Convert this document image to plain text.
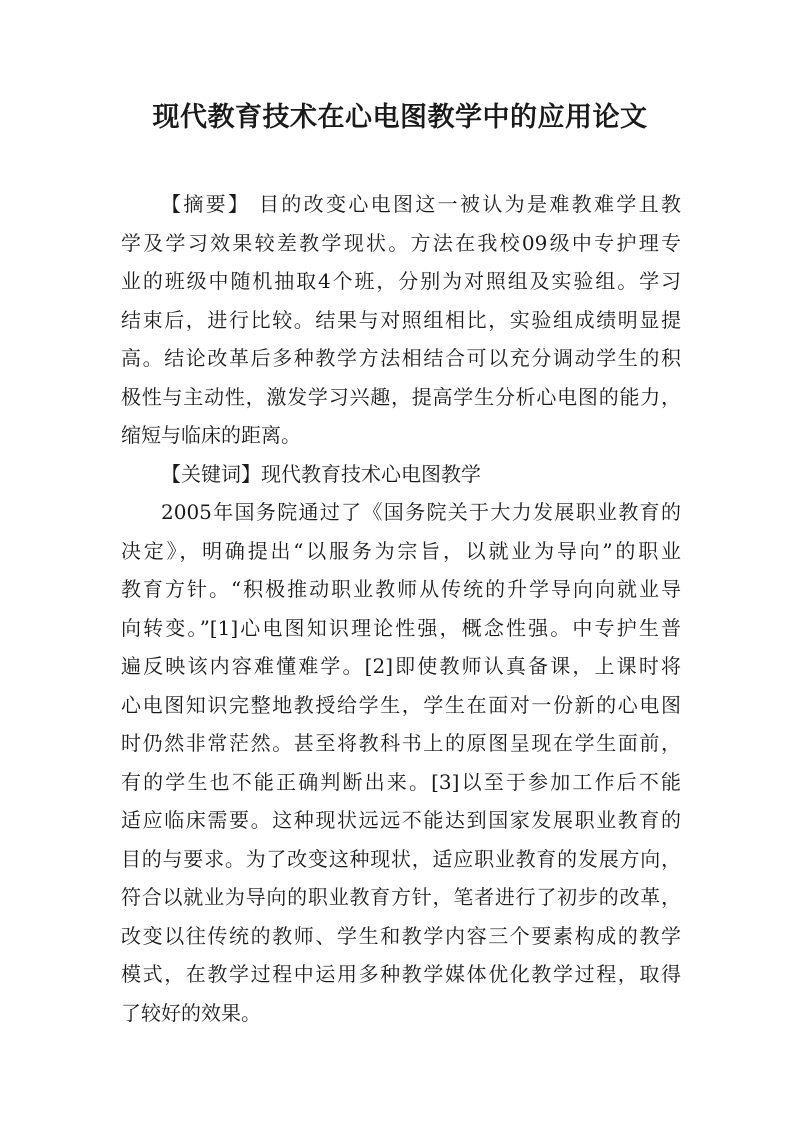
现代教育技术在心电图教学中的应用论文
【摘要】 目的改变心电图这一被认为是难教难学且教
学及学习效果较差教学现状。方法在我校09级中专护理专
业的班级中随机抽取4个班，分别为对照组及实验组。学习
结束后，进行比较。结果与对照组相比，实验组成绩明显提
高。结论改革后多种教学方法相结合可以充分调动学生的积
极性与主动性，激发学习兴趣，提高学生分析心电图的能力，
缩短与临床的距离。
【关键词】现代教育技术心电图教学
2005年国务院通过了《国务院关于大力发展职业教育的
决定》，明确提出“以服务为宗旨，以就业为导向”的职业
教育方针。“积极推动职业教师从传统的升学导向向就业导
向转变。”[1]心电图知识理论性强，概念性强。中专护生普
遍反映该内容难懂难学。[2]即使教师认真备课，上课时将
心电图知识完整地教授给学生，学生在面对一份新的心电图
时仍然非常茫然。甚至将教科书上的原图呈现在学生面前，
有的学生也不能正确判断出来。[3]以至于参加工作后不能
适应临床需要。这种现状远远不能达到国家发展职业教育的
目的与要求。为了改变这种现状，适应职业教育的发展方向，
符合以就业为导向的职业教育方针，笔者进行了初步的改革，
改变以往传统的教师、学生和教学内容三个要素构成的教学
模式，在教学过程中运用多种教学媒体优化教学过程，取得
了较好的效果。
